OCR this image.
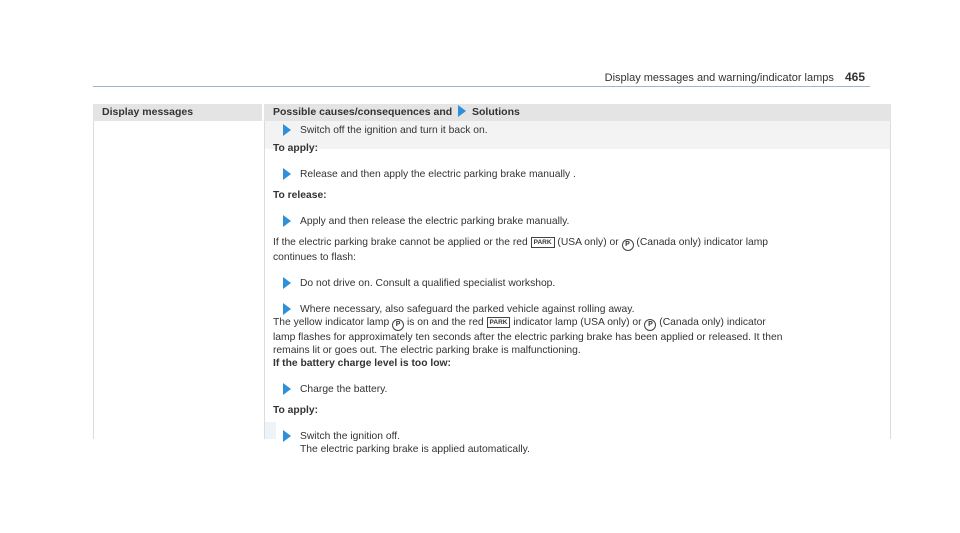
Display messages and warning/indicator lamps 465
Display messages	Possible causes/consequences and Solutions
Switch off the ignition and turn it back on.
To apply:
Release and then apply the electric parking brake manually .
To release:
Apply and then release the electric parking brake manually.
If the electric parking brake cannot be applied or the red PARK (USA only) or P (Canada only) indicator lamp
continues to flash:
Do not drive on. Consult a qualified specialist workshop.
Where necessary, also safeguard the parked vehicle against rolling away.
The yellow indicator lamp P is on and the red PARK indicator lamp (USA only) or P (Canada only) indicator
lamp flashes for approximately ten seconds after the electric parking brake has been applied or released. It then
remains lit or goes out. The electric parking brake is malfunctioning.
If the battery charge level is too low:
Charge the battery.
To apply:
Switch the ignition off.
The electric parking brake is applied automatically.
